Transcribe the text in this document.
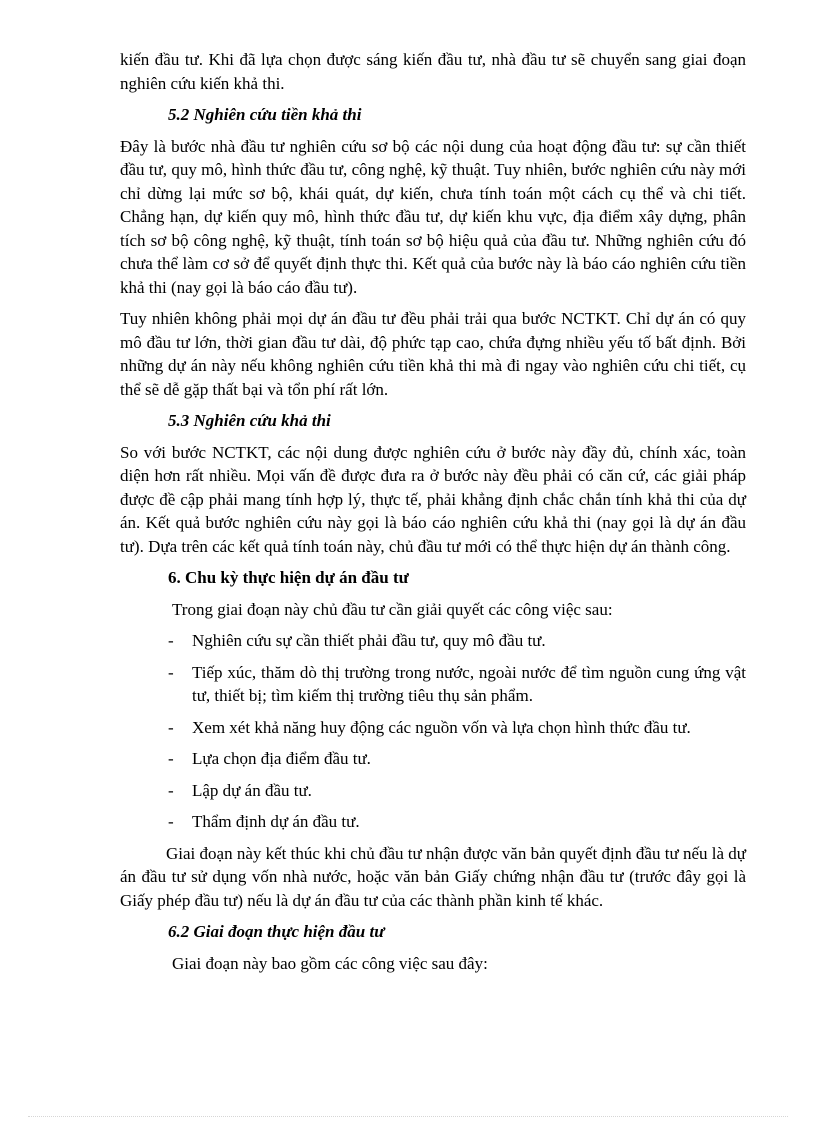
kiến đầu tư. Khi đã lựa chọn được sáng kiến đầu tư, nhà đầu tư sẽ chuyển sang giai đoạn nghiên cứu kiến khả thi.

5.2 Nghiên cứu tiền khả thi

Đây là bước nhà đầu tư nghiên cứu sơ bộ các nội dung của hoạt động đầu tư: sự cần thiết đầu tư, quy mô, hình thức đầu tư, công nghệ, kỹ thuật. Tuy nhiên, bước nghiên cứu này mới chỉ dừng lại mức sơ bộ, khái quát, dự kiến, chưa tính toán một cách cụ thể và chi tiết. Chẳng hạn, dự kiến quy mô, hình thức đầu tư, dự kiến khu vực, địa điểm xây dựng, phân tích sơ bộ công nghệ, kỹ thuật, tính toán sơ bộ hiệu quả của đầu tư. Những nghiên cứu đó chưa thể làm cơ sở để quyết định thực thi. Kết quả của bước này là báo cáo nghiên cứu tiền khả thi (nay gọi là báo cáo đầu tư).

Tuy nhiên không phải mọi dự án đầu tư đều phải trải qua bước NCTKT. Chỉ dự án có quy mô đầu tư lớn, thời gian đầu tư dài, độ phức tạp cao, chứa đựng nhiều yếu tố bất định. Bởi những dự án này nếu không nghiên cứu tiền khả thi mà đi ngay vào nghiên cứu chi tiết, cụ thể sẽ dễ gặp thất bại và tổn phí rất lớn.

5.3 Nghiên cứu khả thi

So với bước NCTKT, các nội dung được nghiên cứu ở bước này đầy đủ, chính xác, toàn diện hơn rất nhiều. Mọi vấn đề được đưa ra ở bước này đều phải có căn cứ, các giải pháp được đề cập phải mang tính hợp lý, thực tế, phải khẳng định chắc chắn tính khả thi của dự án. Kết quả bước nghiên cứu này gọi là báo cáo nghiên cứu khả thi (nay gọi là dự án đầu tư). Dựa trên các kết quả tính toán này, chủ đầu tư mới có thể thực hiện dự án thành công.

6. Chu kỳ thực hiện dự án đầu tư

Trong giai đoạn này chủ đầu tư cần giải quyết các công việc sau:

- Nghiên cứu sự cần thiết phải đầu tư, quy mô đầu tư.
- Tiếp xúc, thăm dò thị trường trong nước, ngoài nước để tìm nguồn cung ứng vật tư, thiết bị; tìm kiếm thị trường tiêu thụ sản phẩm.
- Xem xét khả năng huy động các nguồn vốn và lựa chọn hình thức đầu tư.
- Lựa chọn địa điểm đầu tư.
- Lập dự án đầu tư.
- Thẩm định dự án đầu tư.

Giai đoạn này kết thúc khi chủ đầu tư nhận được văn bản quyết định đầu tư nếu là dự án đầu tư sử dụng vốn nhà nước, hoặc văn bản Giấy chứng nhận đầu tư (trước đây gọi là Giấy phép đầu tư) nếu là dự án đầu tư của các thành phần kinh tế khác.

6.2 Giai đoạn thực hiện đầu tư

Giai đoạn này bao gồm các công việc sau đây:
